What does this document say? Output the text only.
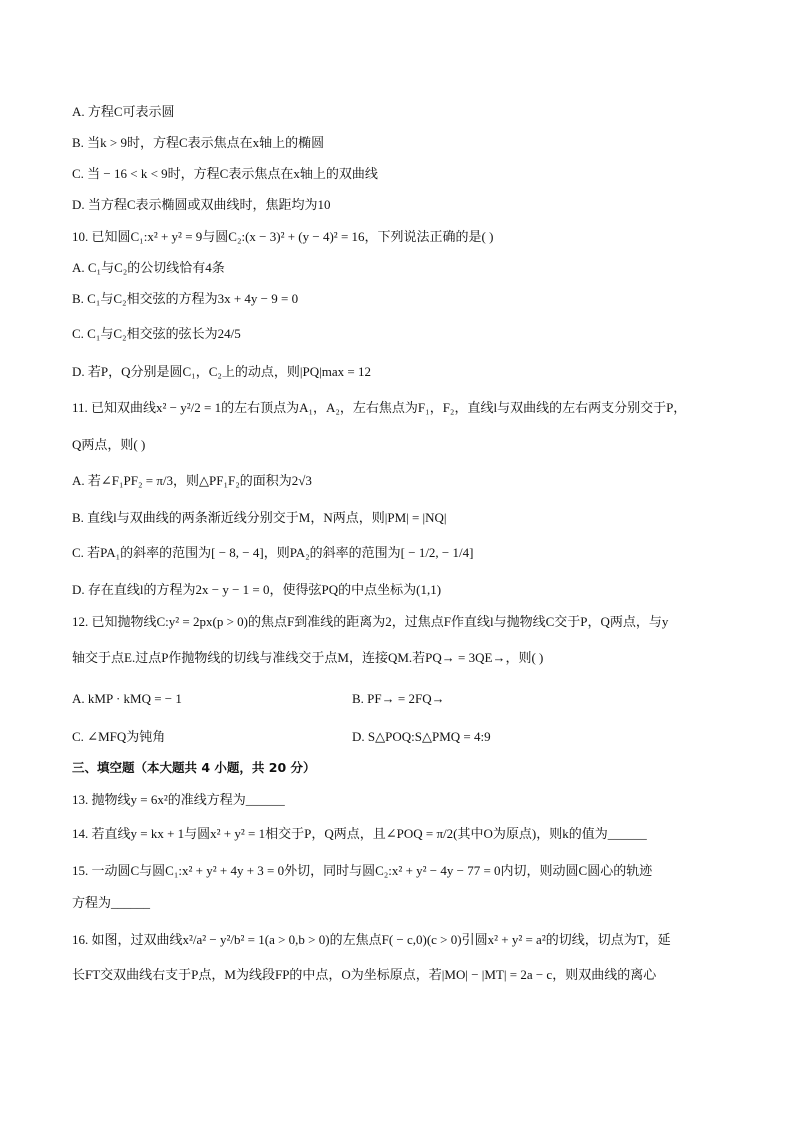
A. 方程C可表示圆
B. 当k > 9时，方程C表示焦点在x轴上的椭圆
C. 当 − 16 < k < 9时，方程C表示焦点在x轴上的双曲线
D. 当方程C表示椭圆或双曲线时，焦距均为10
10. 已知圆C₁:x² + y² = 9与圆C₂:(x − 3)² + (y − 4)² = 16，下列说法正确的是( )
A. C₁与C₂的公切线恰有4条
B. C₁与C₂相交弦的方程为3x + 4y − 9 = 0
C. C₁与C₂相交弦的弦长为24/5
D. 若P，Q分别是圆C₁，C₂上的动点，则|PQ|max = 12
11. 已知双曲线x² − y²/2 = 1的左右顶点为A₁，A₂，左右焦点为F₁，F₂，直线l与双曲线的左右两支分别交于P，
Q两点，则( )
A. 若∠F₁PF₂ = π/3，则△PF₁F₂的面积为2√3
B. 直线l与双曲线的两条渐近线分别交于M，N两点，则|PM| = |NQ|
C. 若PA₁的斜率的范围为[ − 8, − 4]，则PA₂的斜率的范围为[ − 1/2, − 1/4]
D. 存在直线l的方程为2x − y − 1 = 0，使得弦PQ的中点坐标为(1,1)
12. 已知抛物线C:y² = 2px(p > 0)的焦点F到准线的距离为2，过焦点F作直线l与抛物线C交于P，Q两点，与y
轴交于点E.过点P作抛物线的切线与准线交于点M，连接QM.若PQ→ = 3QE→，则( )
A. kMP · kMQ = − 1	B. PF→ = 2FQ→
C. ∠MFQ为钝角	D. S△POQ:S△PMQ = 4:9
三、填空题（本大题共 4 小题，共 20 分）
13. 抛物线y = 6x²的准线方程为______
14. 若直线y = kx + 1与圆x² + y² = 1相交于P，Q两点，且∠POQ = π/2(其中O为原点)，则k的值为______
15. 一动圆C与圆C₁:x² + y² + 4y + 3 = 0外切，同时与圆C₂:x² + y² − 4y − 77 = 0内切，则动圆C圆心的轨迹
方程为______
16. 如图，过双曲线x²/a² − y²/b² = 1(a > 0,b > 0)的左焦点F( − c,0)(c > 0)引圆x² + y² = a²的切线，切点为T，延
长FT交双曲线右支于P点，M为线段FP的中点，O为坐标原点，若|MO| − |MT| = 2a − c，则双曲线的离心
